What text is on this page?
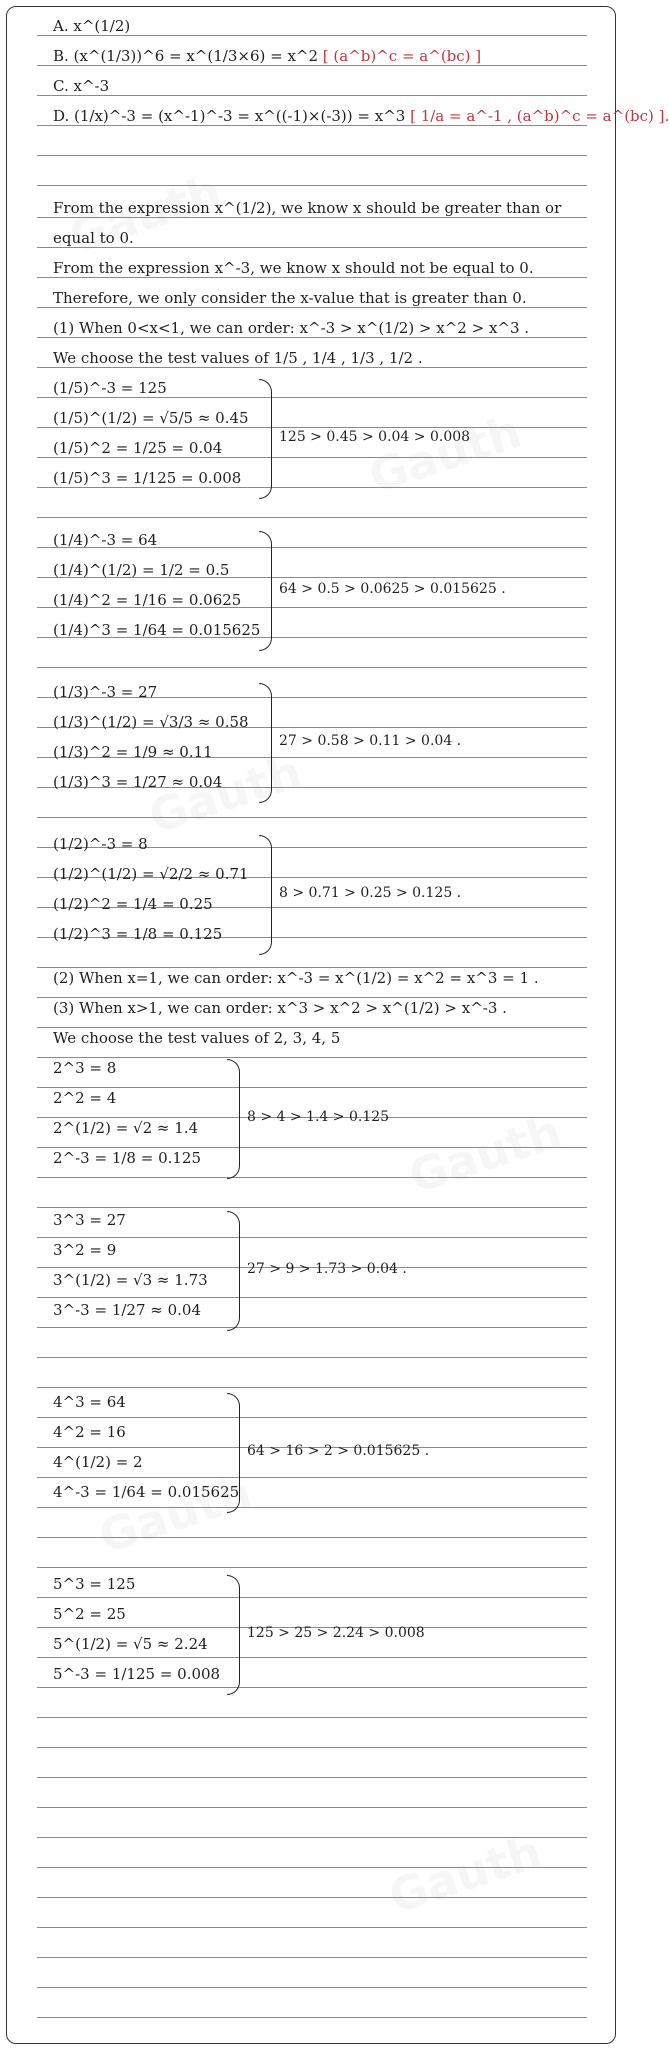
A. x^(1/2)
B. (x^(1/3))^6 = x^(1/3×6) = x^2 [ (a^b)^c = a^(bc) ]
C. x^-3
D. (1/x)^-3 = (x^-1)^-3 = x^((-1)×(-3)) = x^3 [ 1/a = a^-1 , (a^b)^c = a^(bc) ].
From the expression x^(1/2), we know x should be greater than or
equal to 0.
From the expression x^-3, we know x should not be equal to 0.
Therefore, we only consider the x-value that is greater than 0.
(1) When 0<x<1, we can order: x^-3 > x^(1/2) > x^2 > x^3 .
We choose the test values of 1/5 , 1/4 , 1/3 , 1/2 .
(1/5)^-3 = 125
(1/5)^(1/2) = √5/5 ≈ 0.45
(1/5)^2 = 1/25 = 0.04
(1/5)^3 = 1/125 = 0.008
125 > 0.45 > 0.04 > 0.008
(1/4)^-3 = 64
(1/4)^(1/2) = 1/2 = 0.5
(1/4)^2 = 1/16 = 0.0625
(1/4)^3 = 1/64 = 0.015625
64 > 0.5 > 0.0625 > 0.015625 .
(1/3)^-3 = 27
(1/3)^(1/2) = √3/3 ≈ 0.58
(1/3)^2 = 1/9 ≈ 0.11
(1/3)^3 = 1/27 ≈ 0.04
27 > 0.58 > 0.11 > 0.04 .
(1/2)^-3 = 8
(1/2)^(1/2) = √2/2 ≈ 0.71
(1/2)^2 = 1/4 = 0.25
(1/2)^3 = 1/8 = 0.125
8 > 0.71 > 0.25 > 0.125 .
(2) When x=1, we can order: x^-3 = x^(1/2) = x^2 = x^3 = 1 .
(3) When x>1, we can order: x^3 > x^2 > x^(1/2) > x^-3 .
We choose the test values of 2, 3, 4, 5
2^3 = 8
2^2 = 4
2^(1/2) = √2 ≈ 1.4
2^-3 = 1/8 = 0.125
8 > 4 > 1.4 > 0.125
3^3 = 27
3^2 = 9
3^(1/2) = √3 ≈ 1.73
3^-3 = 1/27 ≈ 0.04
27 > 9 > 1.73 > 0.04 .
4^3 = 64
4^2 = 16
4^(1/2) = 2
4^-3 = 1/64 = 0.015625
64 > 16 > 2 > 0.015625 .
5^3 = 125
5^2 = 25
5^(1/2) = √5 ≈ 2.24
5^-3 = 1/125 = 0.008
125 > 25 > 2.24 > 0.008
